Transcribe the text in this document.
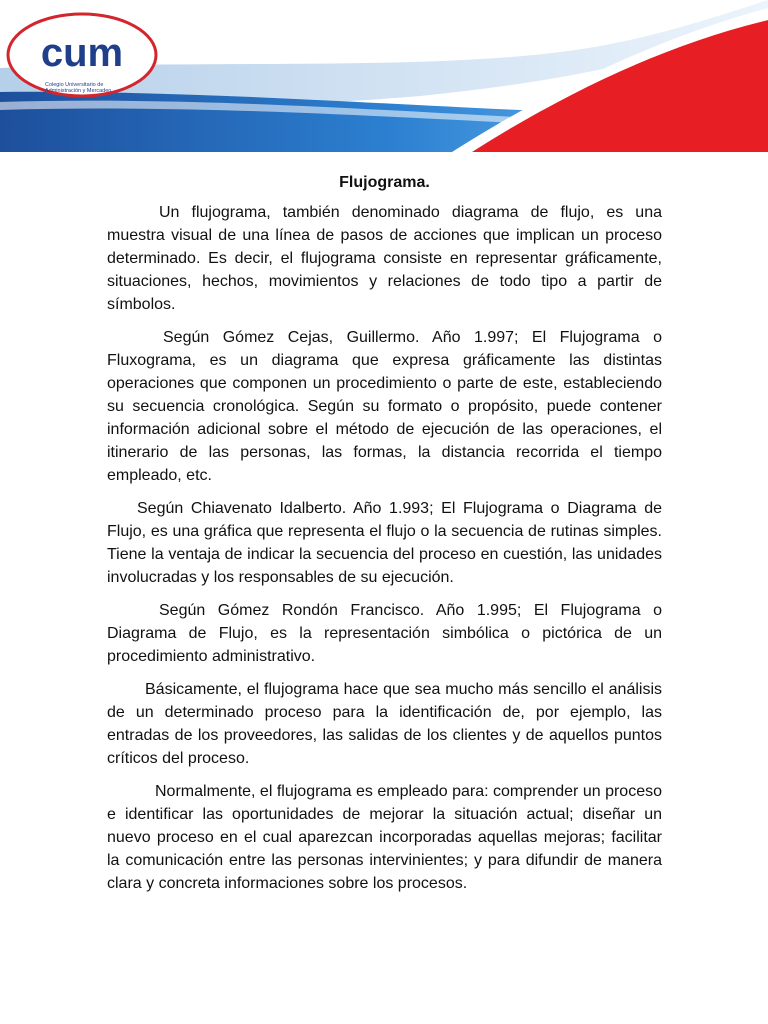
cum
Colegio Universitario de
Administración y Mercadeo
Flujograma.

Un flujograma, también denominado diagrama de flujo, es una muestra visual de una línea de pasos de acciones que implican un proceso determinado. Es decir, el flujograma consiste en representar gráficamente, situaciones, hechos, movimientos y relaciones de todo tipo a partir de símbolos.

Según Gómez Cejas, Guillermo. Año 1.997; El Flujograma o Fluxograma, es un diagrama que expresa gráficamente las distintas operaciones que componen un procedimiento o parte de este, estableciendo su secuencia cronológica. Según su formato o propósito, puede contener información adicional sobre el método de ejecución de las operaciones, el itinerario de las personas, las formas, la distancia recorrida el tiempo empleado, etc.

Según Chiavenato Idalberto. Año 1.993; El Flujograma o Diagrama de Flujo, es una gráfica que representa el flujo o la secuencia de rutinas simples. Tiene la ventaja de indicar la secuencia del proceso en cuestión, las unidades involucradas y los responsables de su ejecución.

Según Gómez Rondón Francisco. Año 1.995; El Flujograma o Diagrama de Flujo, es la representación simbólica o pictórica de un procedimiento administrativo.

Básicamente, el flujograma hace que sea mucho más sencillo el análisis de un determinado proceso para la identificación de, por ejemplo, las entradas de los proveedores, las salidas de los clientes y de aquellos puntos críticos del proceso.

Normalmente, el flujograma es empleado para: comprender un proceso e identificar las oportunidades de mejorar la situación actual; diseñar un nuevo proceso en el cual aparezcan incorporadas aquellas mejoras; facilitar la comunicación entre las personas intervinientes; y para difundir de manera clara y concreta informaciones sobre los procesos.
